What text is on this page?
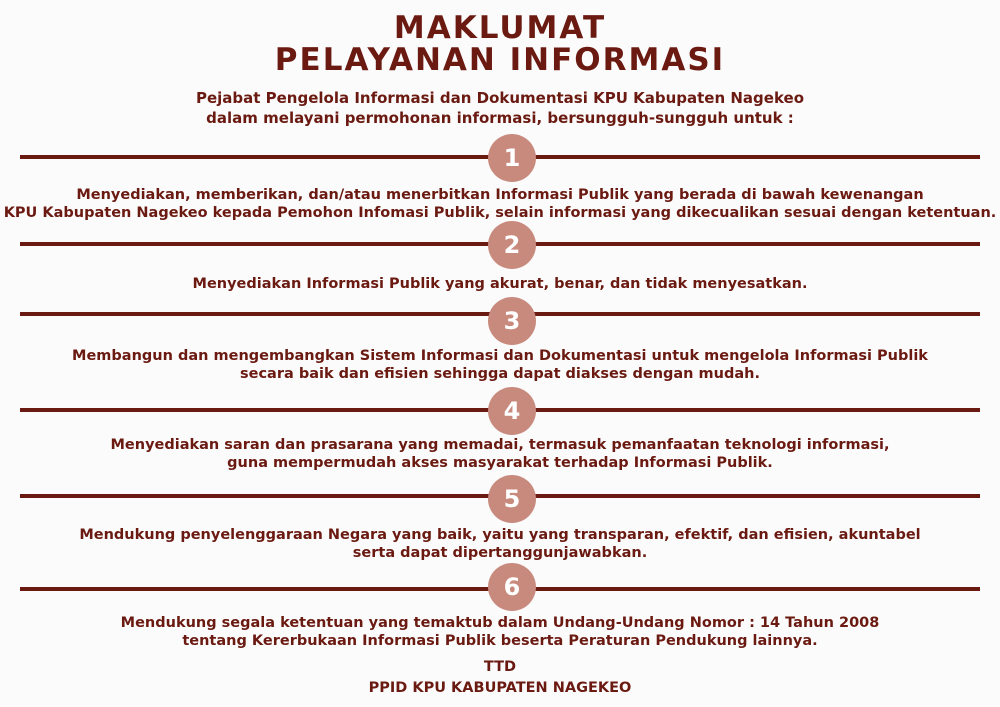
MAKLUMAT
PELAYANAN INFORMASI

Pejabat Pengelola Informasi dan Dokumentasi KPU Kabupaten Nagekeo

dalam melayani permohonan informasi, bersungguh-sungguh untuk :

1

Menyediakan, memberikan, dan/atau menerbitkan Informasi Publik yang berada di bawah kewenangan
KPU Kabupaten Nagekeo kepada Pemohon Infomasi Publik, selain informasi yang dikecualikan sesuai dengan ketentuan.

2

Menyediakan Informasi Publik yang akurat, benar, dan tidak menyesatkan.

3

Membangun dan mengembangkan Sistem Informasi dan Dokumentasi untuk mengelola Informasi Publik
secara baik dan efisien sehingga dapat diakses dengan mudah.

4

Menyediakan saran dan prasarana yang memadai, termasuk pemanfaatan teknologi informasi,
guna mempermudah akses masyarakat terhadap Informasi Publik.

5

Mendukung penyelenggaraan Negara yang baik, yaitu yang transparan, efektif, dan efisien, akuntabel
serta dapat dipertanggunjawabkan.

6

Mendukung segala ketentuan yang temaktub dalam Undang-Undang Nomor : 14 Tahun 2008
tentang Kererbukaan Informasi Publik beserta Peraturan Pendukung lainnya.

TTD

PPID KPU KABUPATEN NAGEKEO
